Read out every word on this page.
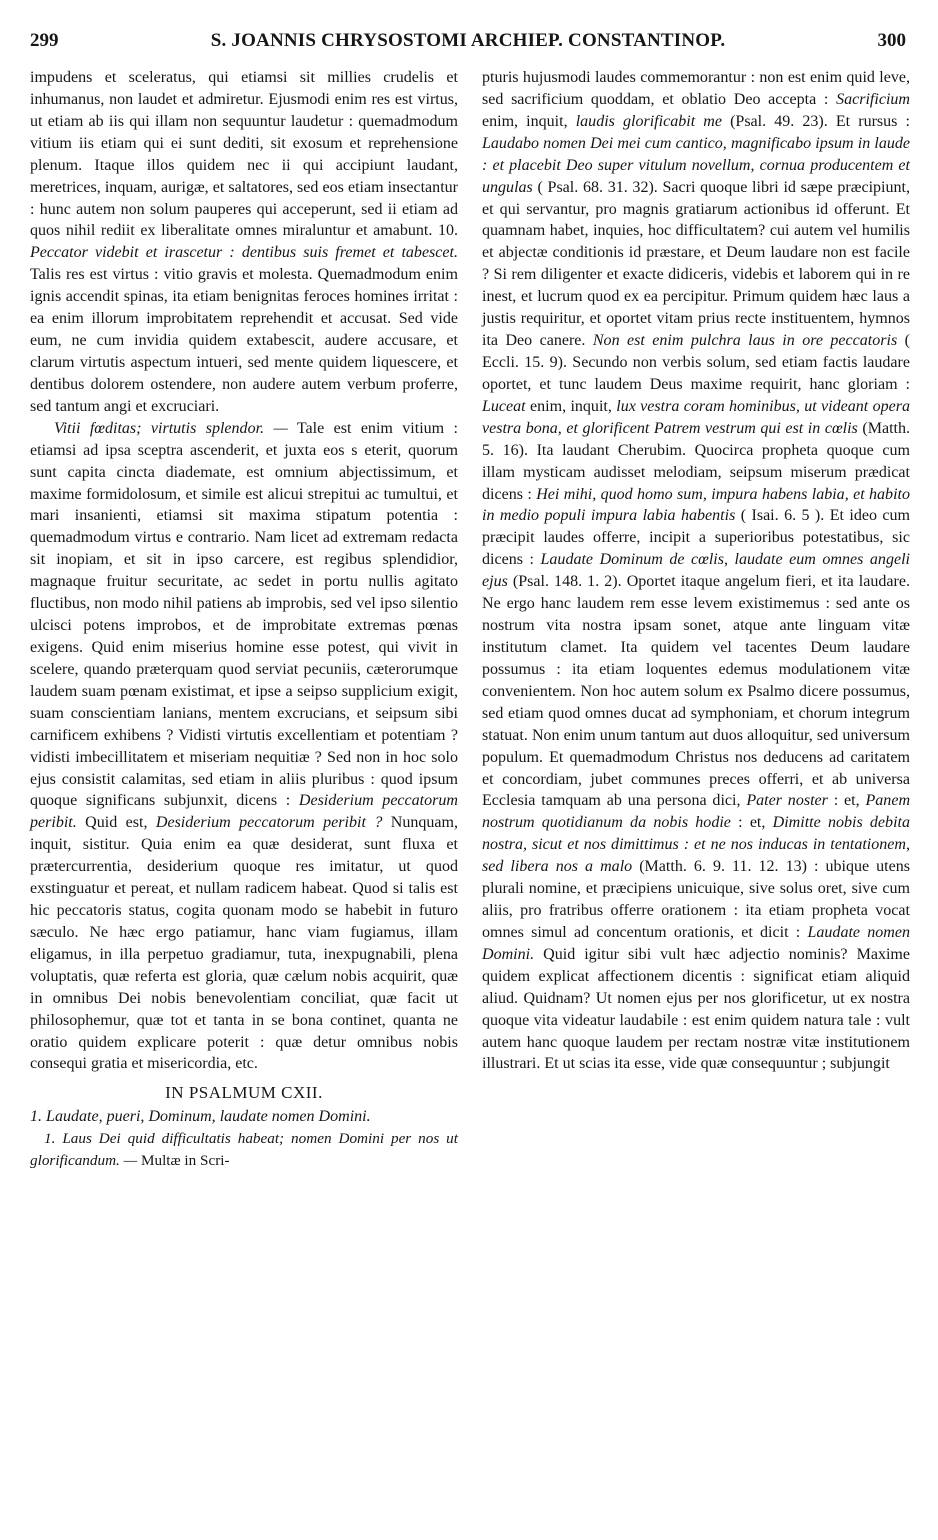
299	S. JOANNIS CHRYSOSTOMI ARCHIEP. CONSTANTINOP.	300

impudens et sceleratus, qui etiamsi sit millies crudelis et inhumanus, non laudet et admiretur. Ejusmodi enim res est virtus, ut etiam ab iis qui illam non sequuntur laudetur : quemadmodum vitium iis etiam qui ei sunt dediti, sit exosum et reprehensione plenum. Itaque illos quidem nec ii qui accipiunt laudant, meretrices, inquam, aurigæ, et saltatores, sed eos etiam insectantur : hunc autem non solum pauperes qui acceperunt, sed ii etiam ad quos nihil rediit ex liberalitate omnes miraluntur et amabunt. 10. Peccator videbit et irascetur : dentibus suis fremet et tabescet. Talis res est virtus : vitio gravis et molesta. Quemadmodum enim ignis accendit spinas, ita etiam benignitas feroces homines irritat : ea enim illorum improbitatem reprehendit et accusat. Sed vide eum, ne cum invidia quidem extabescit, audere accusare, et clarum virtutis aspectum intueri, sed mente quidem liquescere, et dentibus dolorem ostendere, non audere autem verbum proferre, sed tantum angi et excruciari.

Vitii fœditas; virtutis splendor. — Tale est enim vitium : etiamsi ad ipsa sceptra ascenderit, et juxta eos s eterit, quorum sunt capita cincta diademate, est omnium abjectissimum, et maxime formidolosum, et simile est alicui strepitui ac tumultui, et mari insanienti, etiamsi sit maxima stipatum potentia : quemadmodum virtus e contrario. Nam licet ad extremam redacta sit inopiam, et sit in ipso carcere, est regibus splendidior, magnaque fruitur securitate, ac sedet in portu nullis agitato fluctibus, non modo nihil patiens ab improbis, sed vel ipso silentio ulcisci potens improbos, et de improbitate extremas pœnas exigens. Quid enim miserius homine esse potest, qui vivit in scelere, quando præterquam quod serviat pecuniis, cæterorumque laudem suam pœnam existimat, et ipse a seipso supplicium exigit, suam conscientiam lanians, mentem excrucians, et seipsum sibi carnificem exhibens ? Vidisti virtutis excellentiam et potentiam ? vidisti imbecillitatem et miseriam nequitiæ ? Sed non in hoc solo ejus consistit calamitas, sed etiam in aliis pluribus : quod ipsum quoque significans subjunxit, dicens : Desiderium peccatorum peribit. Quid est, Desiderium peccatorum peribit ? Nunquam, inquit, sistitur. Quia enim ea quæ desiderat, sunt fluxa et prætercurrentia, desiderium quoque res imitatur, ut quod exstinguatur et pereat, et nullam radicem habeat. Quod si talis est hic peccatoris status, cogita quonam modo se habebit in futuro sæculo. Ne hæc ergo patiamur, hanc viam fugiamus, illam eligamus, in illa perpetuo gradiamur, tuta, inexpugnabili, plena voluptatis, quæ referta est gloria, quæ cælum nobis acquirit, quæ in omnibus Dei nobis benevolentiam conciliat, quæ facit ut philosophemur, quæ tot et tanta in se bona continet, quanta ne oratio quidem explicare poterit : quæ detur omnibus nobis consequi gratia et misericordia, etc.

IN PSALMUM CXII.

1. Laudate, pueri, Dominum, laudate nomen Domini.

1. Laus Dei quid difficultatis habeat; nomen Domini per nos ut glorificandum. — Multæ in Scri-

pturis hujusmodi laudes commemorantur : non est enim quid leve, sed sacrificium quoddam, et oblatio Deo accepta : Sacrificium enim, inquit, laudis glorificabit me (Psal. 49. 23). Et rursus : Laudabo nomen Dei mei cum cantico, magnificabo ipsum in laude : et placebit Deo super vitulum novellum, cornua producentem et ungulas ( Psal. 68. 31. 32). Sacri quoque libri id sæpe præcipiunt, et qui servantur, pro magnis gratiarum actionibus id offerunt. Et quamnam habet, inquies, hoc difficultatem? cui autem vel humilis et abjectæ conditionis id præstare, et Deum laudare non est facile ? Si rem diligenter et exacte didiceris, videbis et laborem qui in re inest, et lucrum quod ex ea percipitur. Primum quidem hæc laus a justis requiritur, et oportet vitam prius recte instituentem, hymnos ita Deo canere. Non est enim pulchra laus in ore peccatoris ( Eccli. 15. 9). Secundo non verbis solum, sed etiam factis laudare oportet, et tunc laudem Deus maxime requirit, hanc gloriam : Luceat enim, inquit, lux vestra coram hominibus, ut videant opera vestra bona, et glorificent Patrem vestrum qui est in cœlis (Matth. 5. 16). Ita laudant Cherubim. Quocirca propheta quoque cum illam mysticam audisset melodiam, seipsum miserum prædicat dicens : Hei mihi, quod homo sum, impura habens labia, et habito in medio populi impura labia habentis ( Isai. 6. 5 ). Et ideo cum præcipit laudes offerre, incipit a superioribus potestatibus, sic dicens : Laudate Dominum de cœlis, laudate eum omnes angeli ejus (Psal. 148. 1. 2). Oportet itaque angelum fieri, et ita laudare. Ne ergo hanc laudem rem esse levem existimemus : sed ante os nostrum vita nostra ipsam sonet, atque ante linguam vitæ institutum clamet. Ita quidem vel tacentes Deum laudare possumus : ita etiam loquentes edemus modulationem vitæ convenientem. Non hoc autem solum ex Psalmo dicere possumus, sed etiam quod omnes ducat ad symphoniam, et chorum integrum statuat. Non enim unum tantum aut duos alloquitur, sed universum populum. Et quemadmodum Christus nos deducens ad caritatem et concordiam, jubet communes preces offerri, et ab universa Ecclesia tamquam ab una persona dici, Pater noster : et, Panem nostrum quotidianum da nobis hodie : et, Dimitte nobis debita nostra, sicut et nos dimittimus : et ne nos inducas in tentationem, sed libera nos a malo (Matth. 6. 9. 11. 12. 13) : ubique utens plurali nomine, et præcipiens unicuique, sive solus oret, sive cum aliis, pro fratribus offerre orationem : ita etiam propheta vocat omnes simul ad concentum orationis, et dicit : Laudate nomen Domini. Quid igitur sibi vult hæc adjectio nominis? Maxime quidem explicat affectionem dicentis : significat etiam aliquid aliud. Quidnam? Ut nomen ejus per nos glorificetur, ut ex nostra quoque vita videatur laudabile : est enim quidem natura tale : vult autem hanc quoque laudem per rectam nostræ vitæ institutionem illustrari. Et ut scias ita esse, vide quæ consequuntur ; subjungit
